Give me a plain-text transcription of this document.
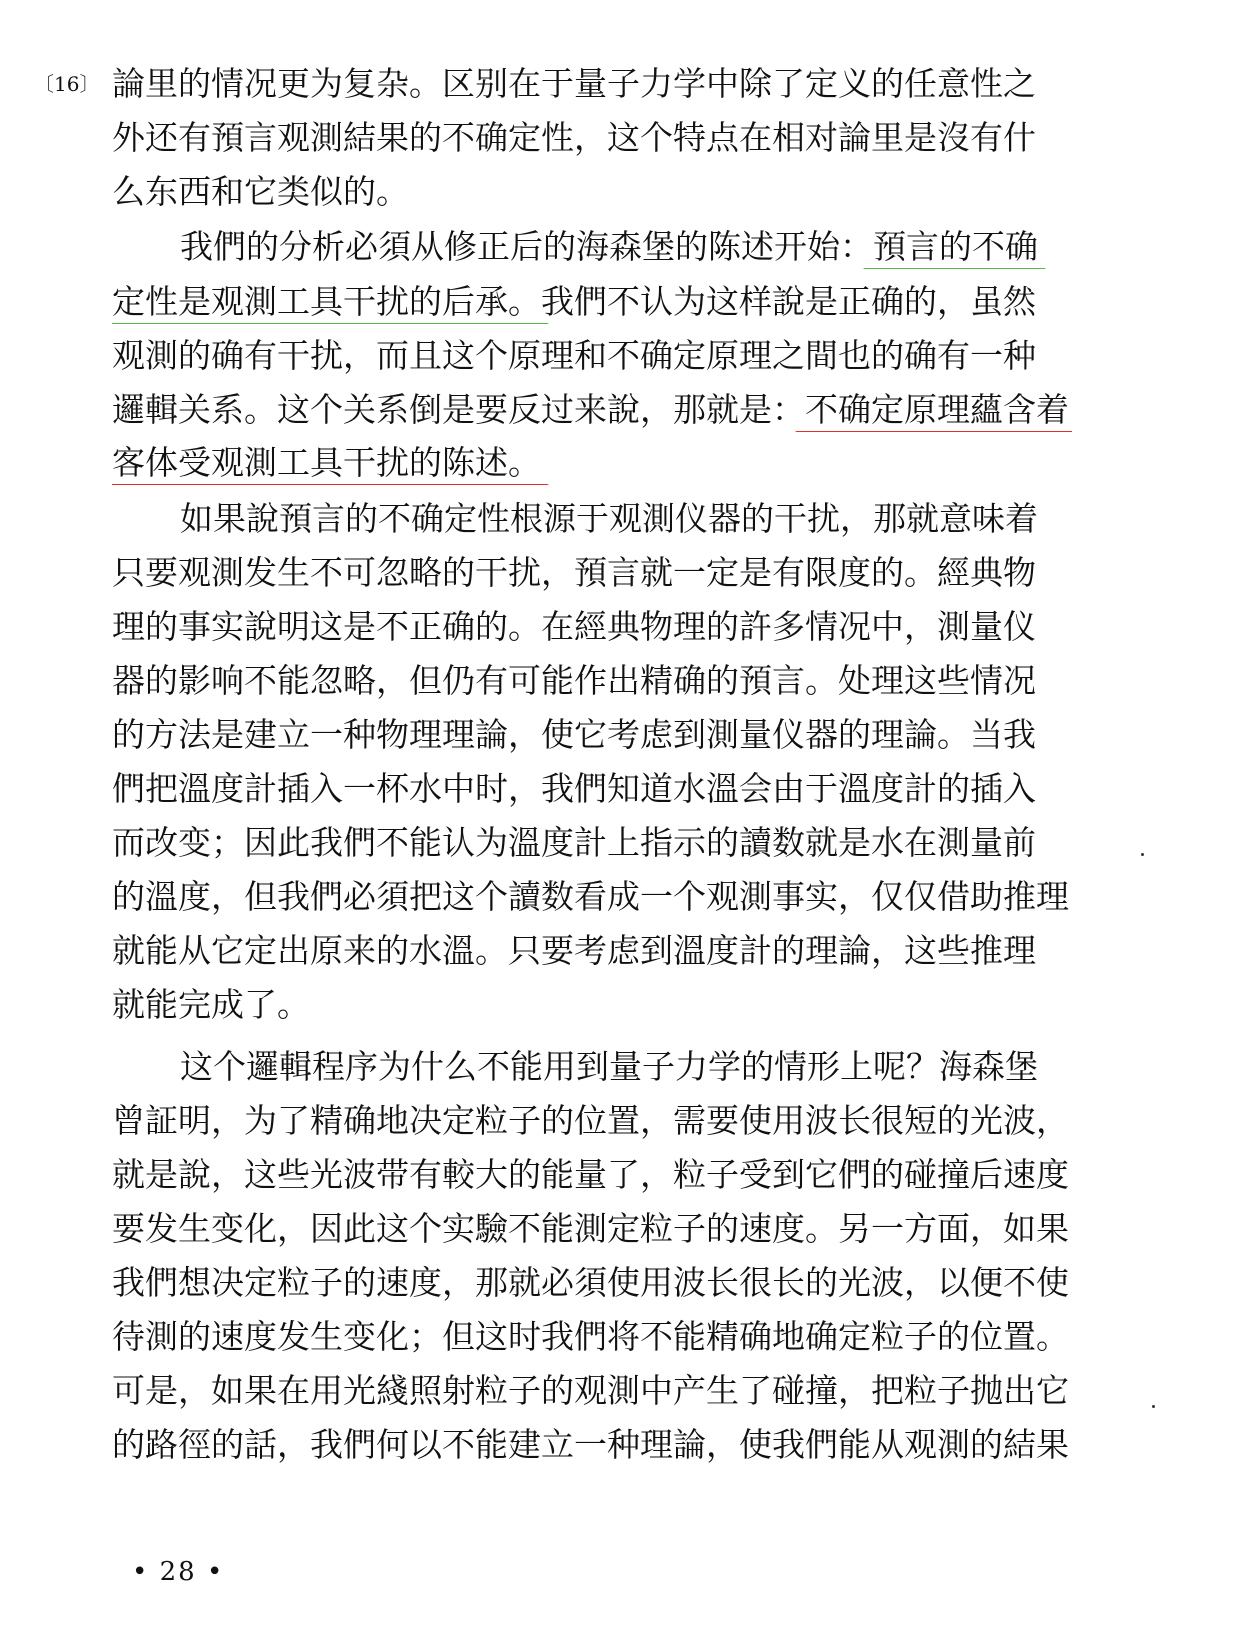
〔16〕 論里的情况更为复杂。区别在于量子力学中除了定义的任意性之
外还有預言观測結果的不确定性，这个特点在相对論里是沒有什
么东西和它类似的。
我們的分析必須从修正后的海森堡的陈述开始：預言的不确
定性是观測工具干扰的后承。我們不认为这样說是正确的，虽然
观測的确有干扰，而且这个原理和不确定原理之間也的确有一种
邏輯关系。这个关系倒是要反过来說，那就是：不确定原理蘊含着
客体受观測工具干扰的陈述。
如果說預言的不确定性根源于观測仪器的干扰，那就意味着
只要观測发生不可忽略的干扰，預言就一定是有限度的。經典物
理的事实說明这是不正确的。在經典物理的許多情况中，測量仪
器的影响不能忽略，但仍有可能作出精确的預言。处理这些情况
的方法是建立一种物理理論，使它考虑到測量仪器的理論。当我
們把溫度計插入一杯水中时，我們知道水溫会由于溫度計的插入
而改变；因此我們不能认为溫度計上指示的讀数就是水在測量前
的溫度，但我們必須把这个讀数看成一个观測事实，仅仅借助推理
就能从它定出原来的水溫。只要考虑到溫度計的理論，这些推理
就能完成了。
这个邏輯程序为什么不能用到量子力学的情形上呢？海森堡
曾証明，为了精确地决定粒子的位置，需要使用波长很短的光波，
就是說，这些光波带有較大的能量了，粒子受到它們的碰撞后速度
要发生变化，因此这个实驗不能測定粒子的速度。另一方面，如果
我們想决定粒子的速度，那就必須使用波长很长的光波，以便不使
待測的速度发生变化；但这时我們将不能精确地确定粒子的位置。
可是，如果在用光綫照射粒子的观測中产生了碰撞，把粒子抛出它
的路徑的話，我們何以不能建立一种理論，使我們能从观測的結果
• 28 •
